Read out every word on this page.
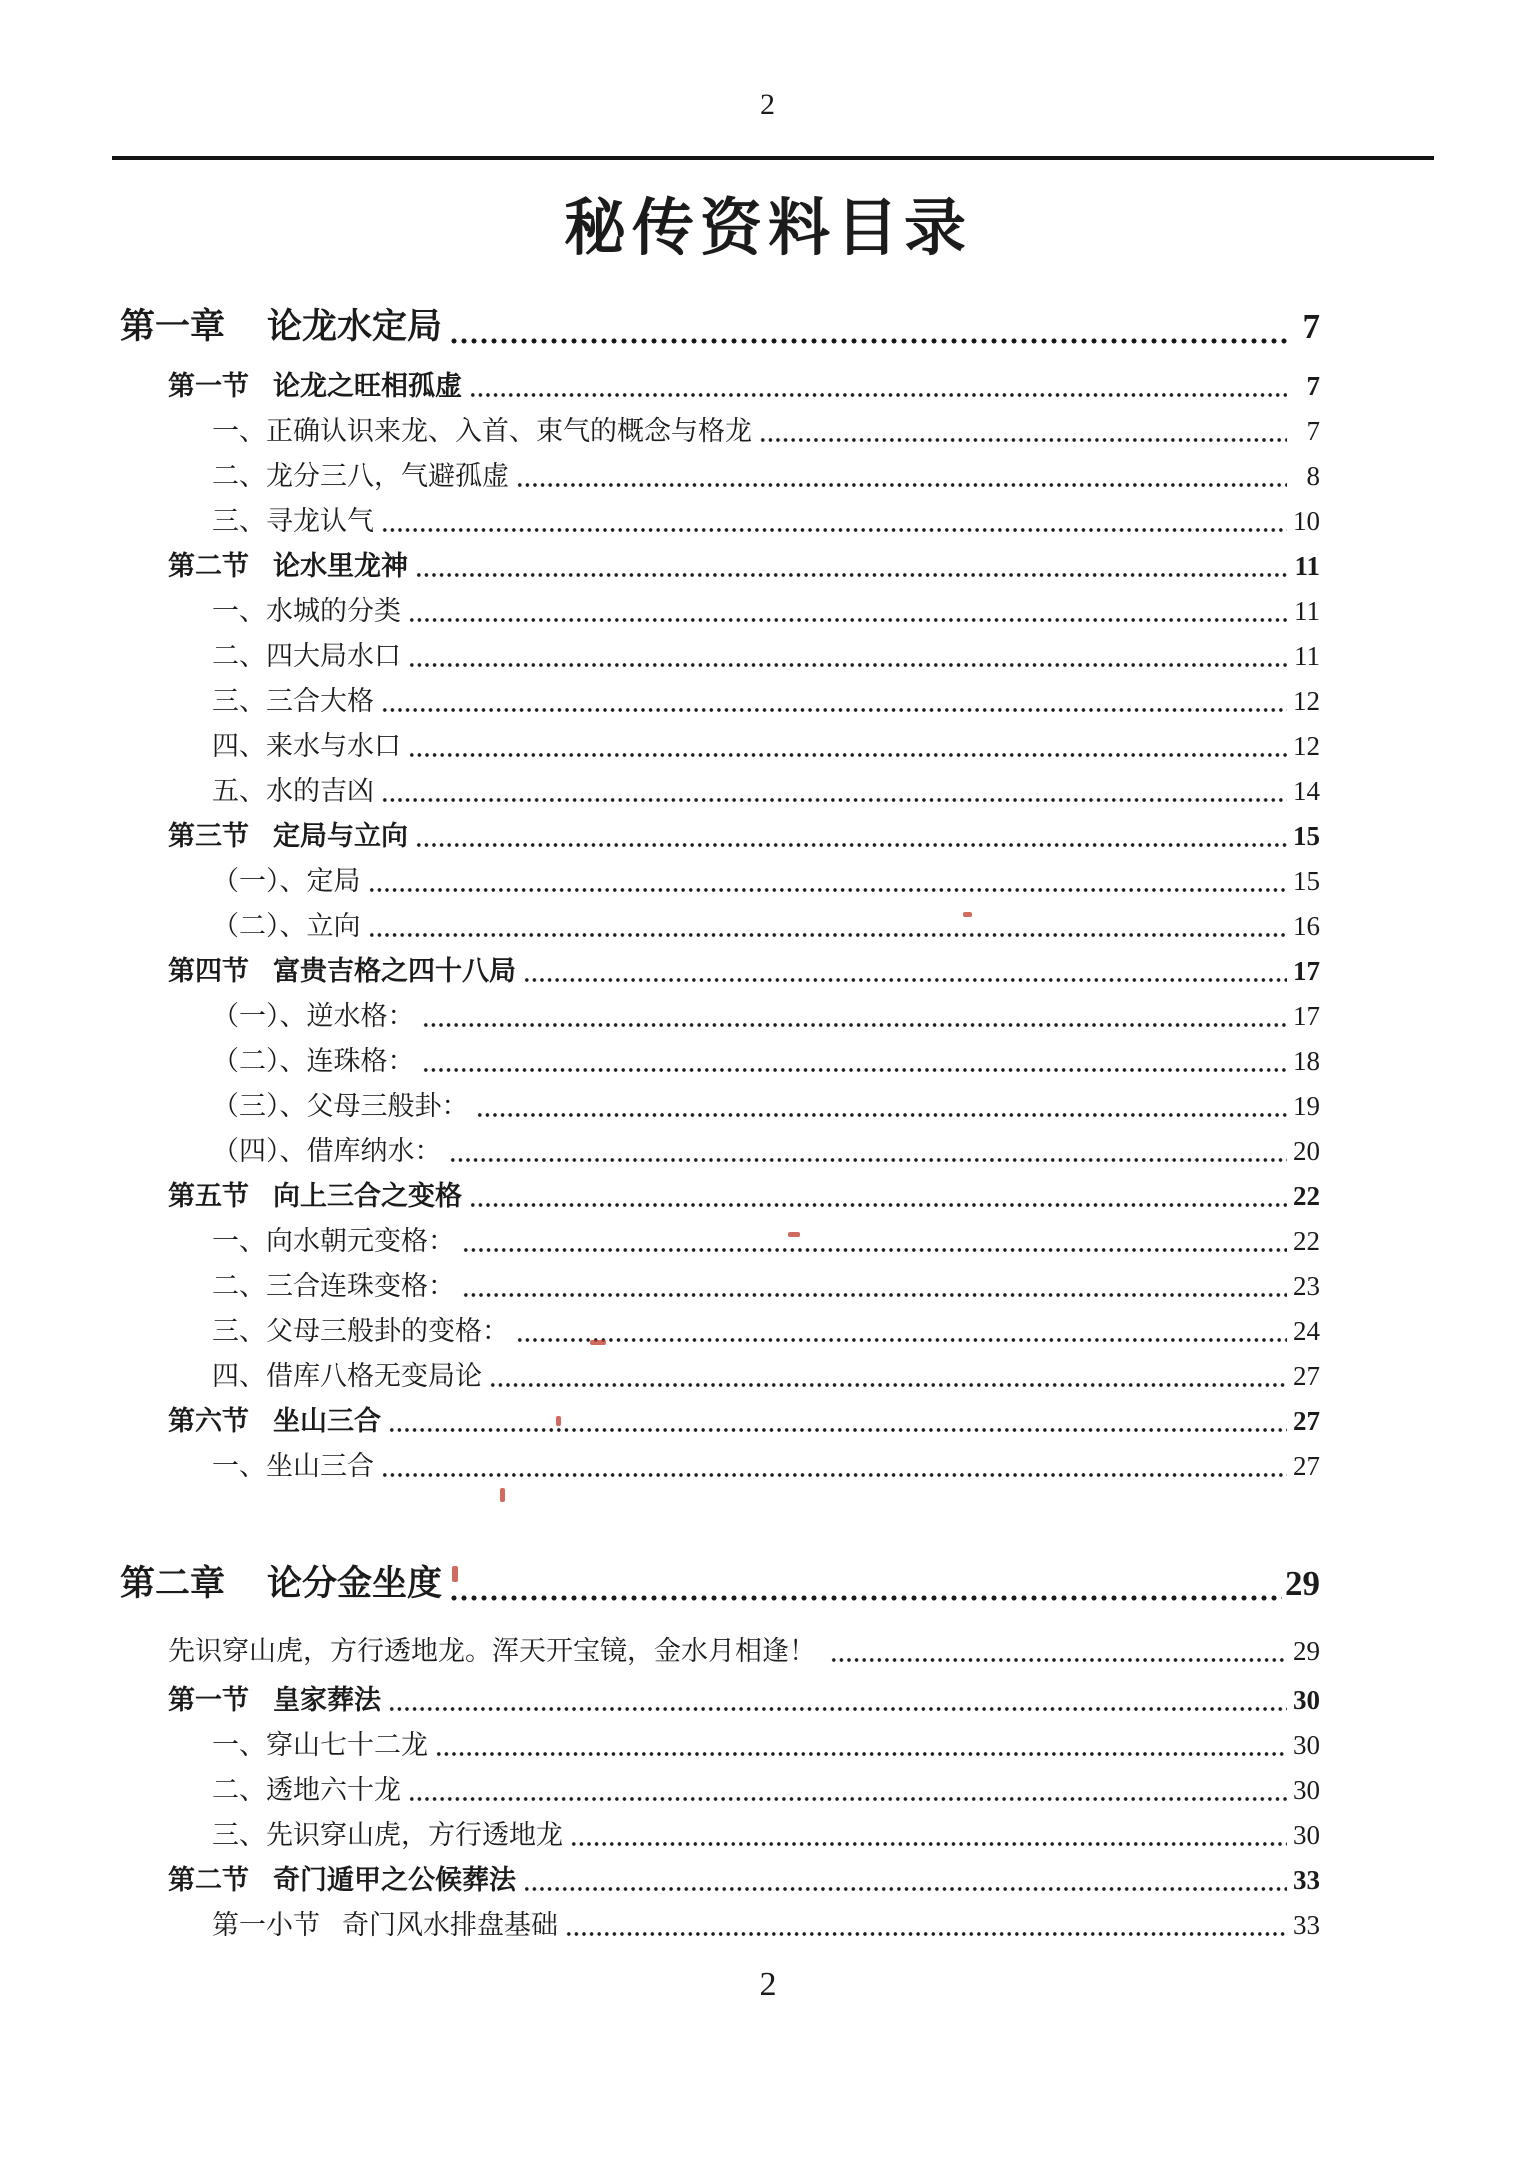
2
秘传资料目录
第一章 论龙水定局	7
第一节 论龙之旺相孤虚	7
一、正确认识来龙、入首、束气的概念与格龙	7
二、龙分三八，气避孤虚	8
三、寻龙认气	10
第二节 论水里龙神	11
一、水城的分类	11
二、四大局水口	11
三、三合大格	12
四、来水与水口	12
五、水的吉凶	14
第三节 定局与立向	15
（一）、定局	15
（二）、立向	16
第四节 富贵吉格之四十八局	17
（一）、逆水格：	17
（二）、连珠格：	18
（三）、父母三般卦：	19
（四）、借库纳水：	20
第五节 向上三合之变格	22
一、向水朝元变格：	22
二、三合连珠变格：	23
三、父母三般卦的变格：	24
四、借库八格无变局论	27
第六节 坐山三合	27
一、坐山三合	27
第二章 论分金坐度	29
先识穿山虎，方行透地龙。浑天开宝镜，金水月相逢！	29
第一节 皇家葬法	30
一、穿山七十二龙	30
二、透地六十龙	30
三、先识穿山虎，方行透地龙	30
第二节 奇门遁甲之公候葬法	33
第一小节 奇门风水排盘基础	33
2
